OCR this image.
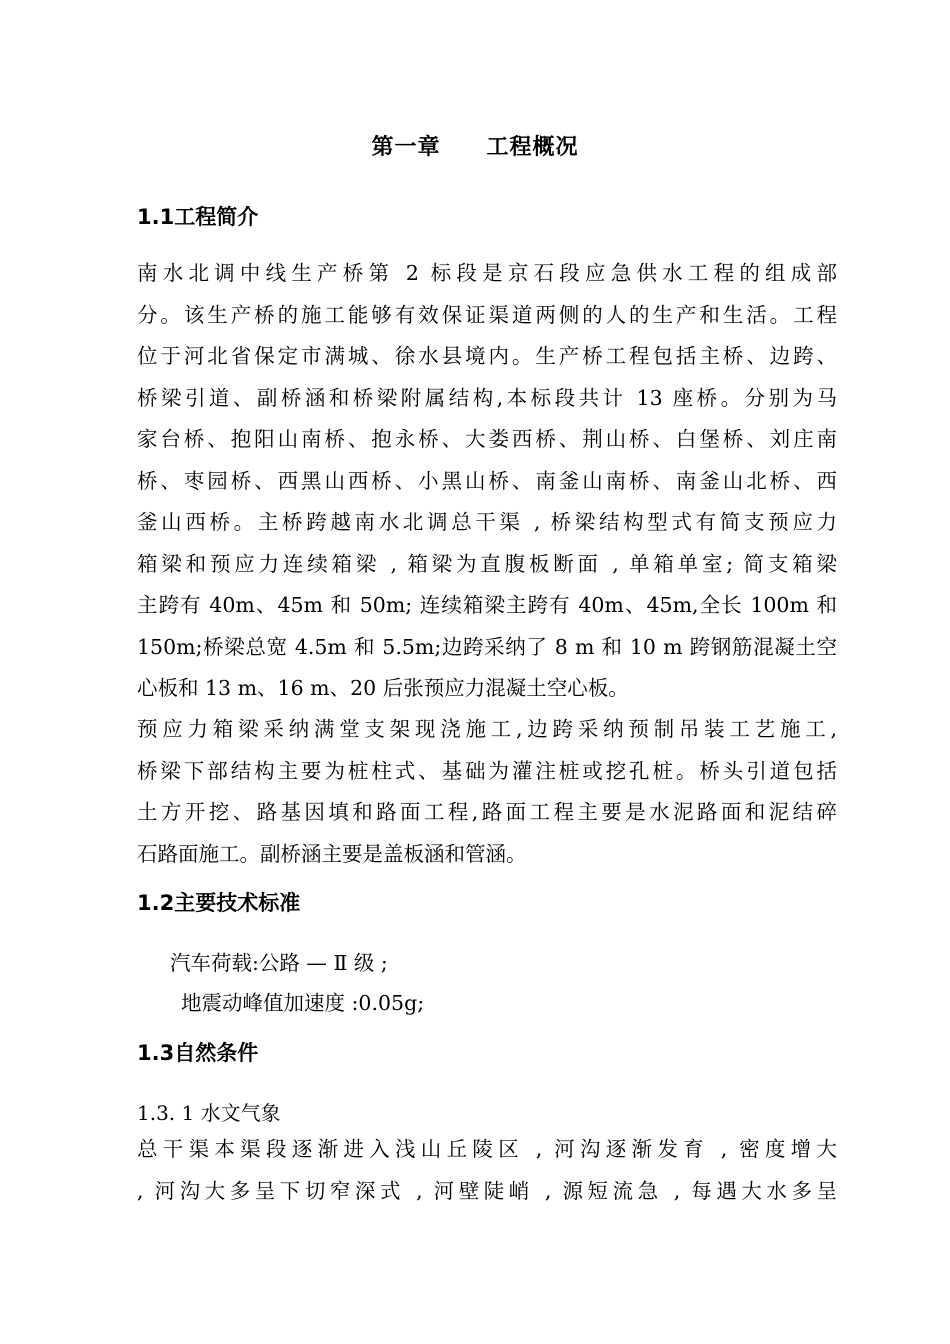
第一章 工程概况
1.1工程简介
南水北调中线生产桥第 2 标段是京石段应急供水工程的组成部
分。该生产桥的施工能够有效保证渠道两侧的人的生产和生活。工程
位于河北省保定市满城、徐水县境内。生产桥工程包括主桥、边跨、
桥梁引道、副桥涵和桥梁附属结构,本标段共计 13 座桥。分别为马
家台桥、抱阳山南桥、抱永桥、大娄西桥、荆山桥、白堡桥、刘庄南
桥、枣园桥、西黑山西桥、小黑山桥、南釜山南桥、南釜山北桥、西
釜山西桥。主桥跨越南水北调总干渠 , 桥梁结构型式有简支预应力
箱梁和预应力连续箱梁 , 箱梁为直腹板断面 , 单箱单室; 简支箱梁
主跨有 40m、45m 和 50m; 连续箱梁主跨有 40m、45m,全长 100m 和
150m;桥梁总宽 4.5m 和 5.5m;边跨采纳了 8 m 和 10 m 跨钢筋混凝土空
心板和 13 m、16 m、20 后张预应力混凝土空心板。
预应力箱梁采纳满堂支架现浇施工,边跨采纳预制吊装工艺施工,
桥梁下部结构主要为桩柱式、基础为灌注桩或挖孔桩。桥头引道包括
土方开挖、路基因填和路面工程,路面工程主要是水泥路面和泥结碎
石路面施工。副桥涵主要是盖板涵和管涵。
1.2主要技术标准
汽车荷载:公路 — Ⅱ 级 ;
地震动峰值加速度 :0.05g;
1.3自然条件
1.3. 1 水文气象
总干渠本渠段逐渐进入浅山丘陵区 , 河沟逐渐发育 , 密度增大
, 河沟大多呈下切窄深式 , 河壁陡峭 , 源短流急 , 每遇大水多呈
